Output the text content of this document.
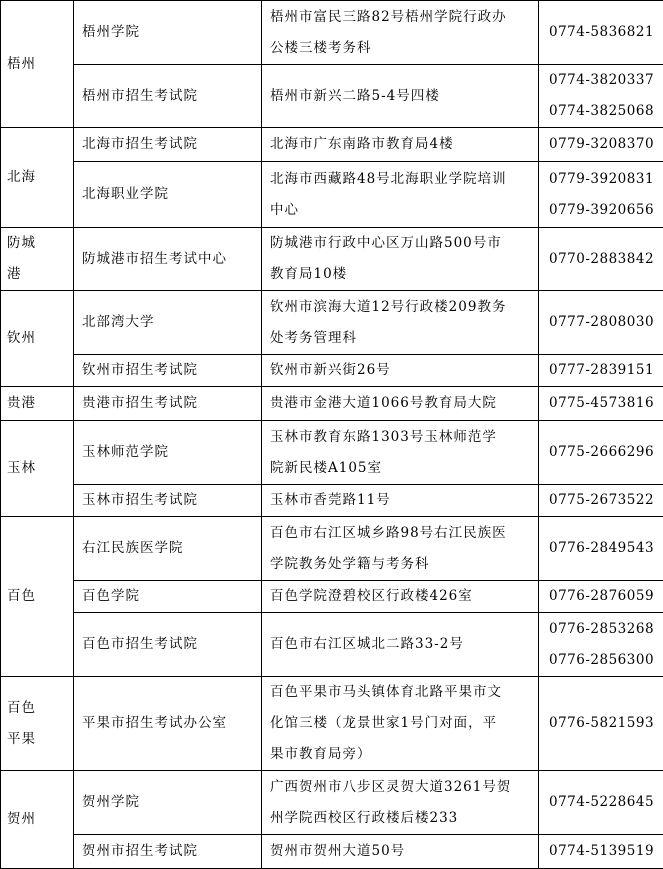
梧州	梧州学院	梧州市富民三路82号梧州学院行政办
公楼三楼考务科	0774-5836821

	梧州市招生考试院	梧州市新兴二路5-4号四楼	0774-3820337
0774-3825068

北海	北海市招生考试院	北海市广东南路市教育局4楼	0779-3208370

	北海职业学院	北海市西藏路48号北海职业学院培训
中心	0779-3920831
0779-3920656

防城
港	防城港市招生考试中心	防城港市行政中心区万山路500号市
教育局10楼	0770-2883842

钦州	北部湾大学	钦州市滨海大道12号行政楼209教务
处考务管理科	0777-2808030

	钦州市招生考试院	钦州市新兴街26号	0777-2839151

贵港	贵港市招生考试院	贵港市金港大道1066号教育局大院	0775-4573816

玉林	玉林师范学院	玉林市教育东路1303号玉林师范学
院新民楼A105室	0775-2666296

	玉林市招生考试院	玉林市香莞路11号	0775-2673522

百色	右江民族医学院	百色市右江区城乡路98号右江民族医
学院教务处学籍与考务科	0776-2849543

	百色学院	百色学院澄碧校区行政楼426室	0776-2876059

	百色市招生考试院	百色市右江区城北二路33-2号	0776-2853268
0776-2856300

百色
平果	平果市招生考试办公室	百色平果市马头镇体育北路平果市文
化馆三楼（龙景世家1号门对面，平
果市教育局旁）	0776-5821593

贺州	贺州学院	广西贺州市八步区灵贺大道3261号贺
州学院西校区行政楼后楼233	0774-5228645

	贺州市招生考试院	贺州市贺州大道50号	0774-5139519
